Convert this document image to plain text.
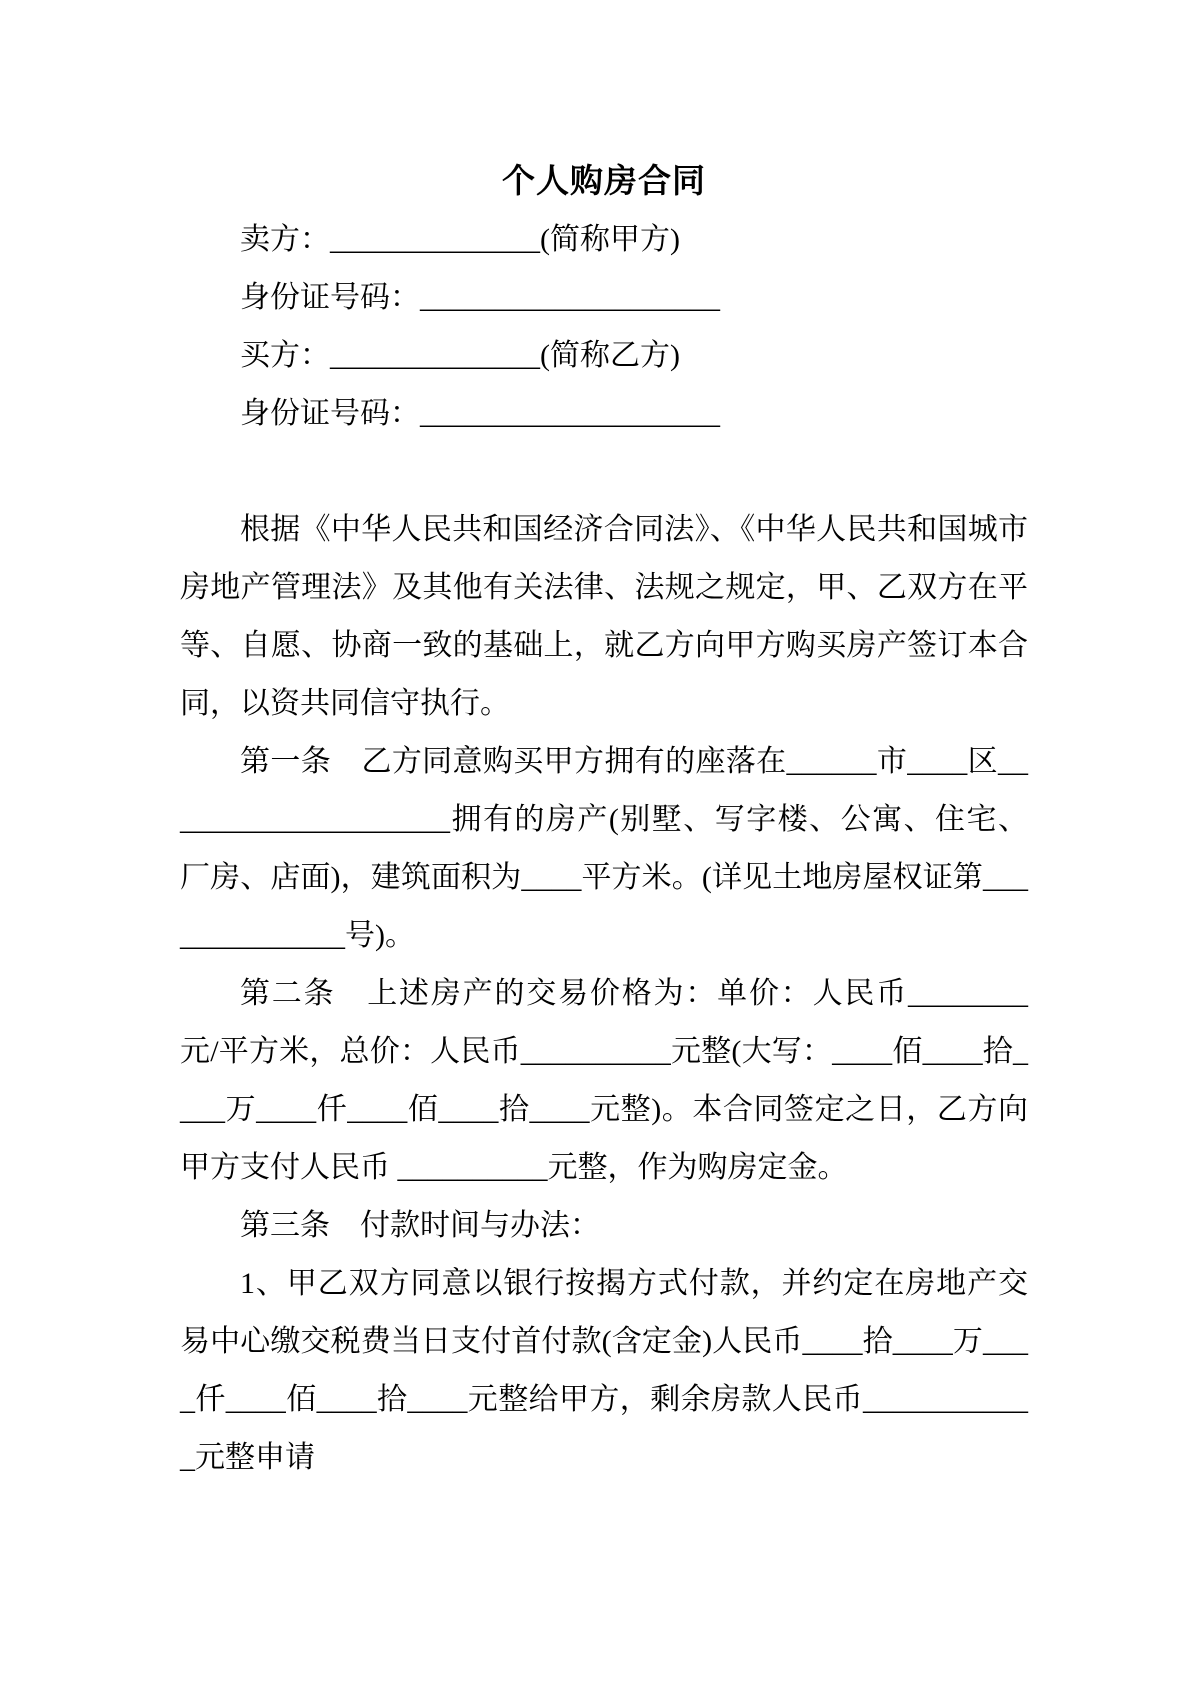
个人购房合同

卖方：______________(简称甲方)

身份证号码：____________________

买方：______________(简称乙方)

身份证号码：____________________

根据《中华人民共和国经济合同法》、《中华人民共和国城市房地产管理法》及其他有关法律、法规之规定，甲、乙双方在平等、自愿、协商一致的基础上，就乙方向甲方购买房产签订本合同，以资共同信守执行。

第一条　乙方同意购买甲方拥有的座落在______市____区____________________拥有的房产(别墅、写字楼、公寓、住宅、厂房、店面)，建筑面积为____平方米。(详见土地房屋权证第______________号)。

第二条　上述房产的交易价格为：单价：人民币________元/平方米，总价：人民币__________元整(大写：____佰____拾____万____仟____佰____拾____元整)。本合同签定之日，乙方向甲方支付人民币 __________元整，作为购房定金。

第三条　付款时间与办法：

1、甲乙双方同意以银行按揭方式付款，并约定在房地产交易中心缴交税费当日支付首付款(含定金)人民币____拾____万____仟____佰____拾____元整给甲方，剩余房款人民币____________元整申请
